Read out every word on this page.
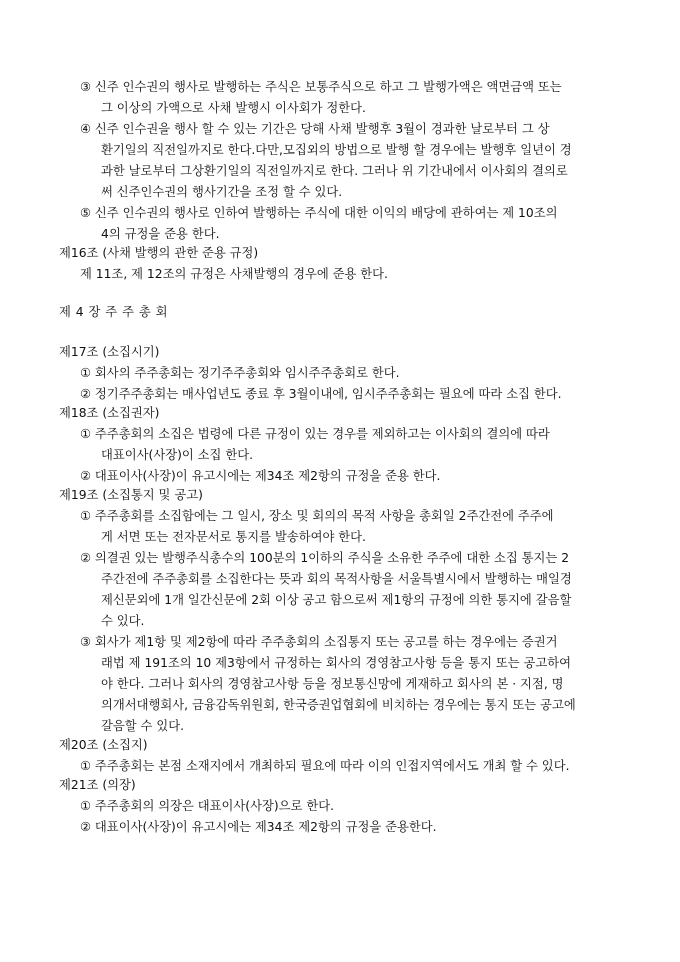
③ 신주 인수권의 행사로 발행하는 주식은 보통주식으로 하고 그 발행가액은 액면금액 또는
그 이상의 가액으로 사채 발행시 이사회가 정한다.
④ 신주 인수권을 행사 할 수 있는 기간은 당해 사채 발행후 3월이 경과한 날로부터 그 상
환기일의 직전일까지로 한다.다만,모집외의 방법으로 발행 할 경우에는 발행후 일년이 경
과한 날로부터 그상환기일의 직전일까지로 한다. 그러나 위 기간내에서 이사회의 결의로
써 신주인수권의 행사기간을 조정 할 수 있다.
⑤ 신주 인수권의 행사로 인하여 발행하는 주식에 대한 이익의 배당에 관하여는 제 10조의
4의 규정을 준용 한다.
제16조 (사채 발행의 관한 준용 규정)
제 11조, 제 12조의 규정은 사채발행의 경우에 준용 한다.
제 4 장 주 주 총 회
제17조 (소집시기)
① 회사의 주주총회는 정기주주총회와 임시주주총회로 한다.
② 정기주주총회는 매사업년도 종료 후 3월이내에, 임시주주총회는 필요에 따라 소집 한다.
제18조 (소집권자)
① 주주총회의 소집은 법령에 다른 규정이 있는 경우를 제외하고는 이사회의 결의에 따라
대표이사(사장)이 소집 한다.
② 대표이사(사장)이 유고시에는 제34조 제2항의 규정을 준용 한다.
제19조 (소집통지 및 공고)
① 주주총회를 소집함에는 그 일시, 장소 및 회의의 목적 사항을 총회일 2주간전에 주주에
게 서면 또는 전자문서로 통지를 발송하여야 한다.
② 의결권 있는 발행주식총수의 100분의 1이하의 주식을 소유한 주주에 대한 소집 통지는 2
주간전에 주주총회를 소집한다는 뜻과 회의 목적사항을 서울특별시에서 발행하는 매일경
제신문외에 1개 일간신문에 2회 이상 공고 함으로써 제1항의 규정에 의한 통지에 갈음할
수 있다.
③ 회사가 제1항 및 제2항에 따라 주주총회의 소집통지 또는 공고를 하는 경우에는 증권거
래법 제 191조의 10 제3항에서 규정하는 회사의 경영참고사항 등을 통지 또는 공고하여
야 한다. 그러나 회사의 경영참고사항 등을 정보통신망에 게재하고 회사의 본 · 지점, 명
의개서대행회사, 금융감독위원회, 한국증권업협회에 비치하는 경우에는 통지 또는 공고에
갈음할 수 있다.
제20조 (소집지)
① 주주총회는 본점 소재지에서 개최하되 필요에 따라 이의 인접지역에서도 개최 할 수 있다.
제21조 (의장)
① 주주총회의 의장은 대표이사(사장)으로 한다.
② 대표이사(사장)이 유고시에는 제34조 제2항의 규정을 준용한다.
